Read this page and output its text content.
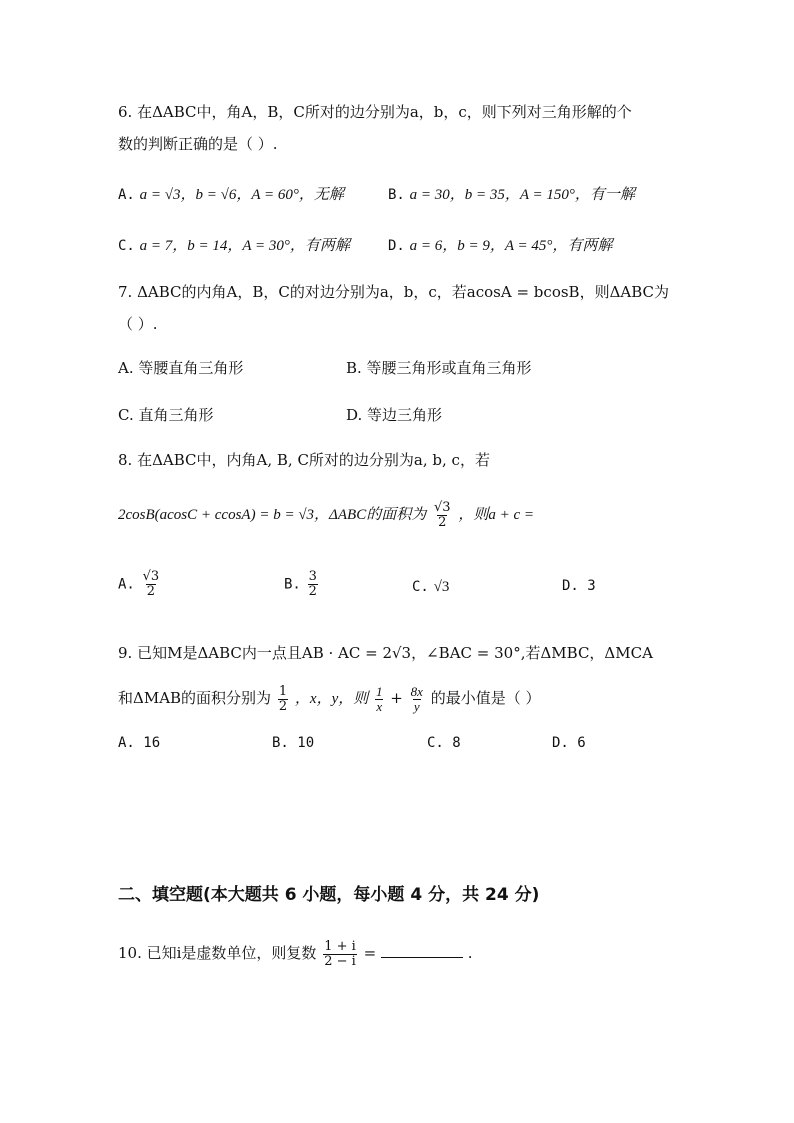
6. 在ΔABC中，角A，B，C所对的边分别为a，b，c，则下列对三角形解的个
数的判断正确的是（ ）.
A. a = √3，b = √6，A = 60°，无解	B. a = 30，b = 35，A = 150°，有一解
C. a = 7，b = 14，A = 30°，有两解	D. a = 6，b = 9，A = 45°，有两解
7. ΔABC的内角A，B，C的对边分别为a，b，c，若acosA = bcosB，则ΔABC为
（ ）.
A. 等腰直角三角形	B. 等腰三角形或直角三角形
C. 直角三角形	D. 等边三角形
8. 在ΔABC中，内角A, B, C所对的边分别为a, b, c，若
2cosB(acosC + ccosA) = b = √3，ΔABC的面积为 $\frac{√3}{2}$ ，则a + c =
A. $\frac{√3}{2}$	B. $\frac{3}{2}$	C. √3	D. 3
9. 已知M是ΔABC内一点且AB · AC = 2√3，∠BAC = 30°,若ΔMBC，ΔMCA
和ΔMAB的面积分别为 $\frac{1}{2}$ ，x，y，则 $\frac{1}{x} + \frac{8x}{y}$ 的最小值是（ ）
A. 16	B. 10	C. 8	D. 6
二、填空题(本大题共 6 小题，每小题 4 分，共 24 分)
10. 已知i是虚数单位，则复数 $\frac{1 + i}{2 - i}$ =	.
